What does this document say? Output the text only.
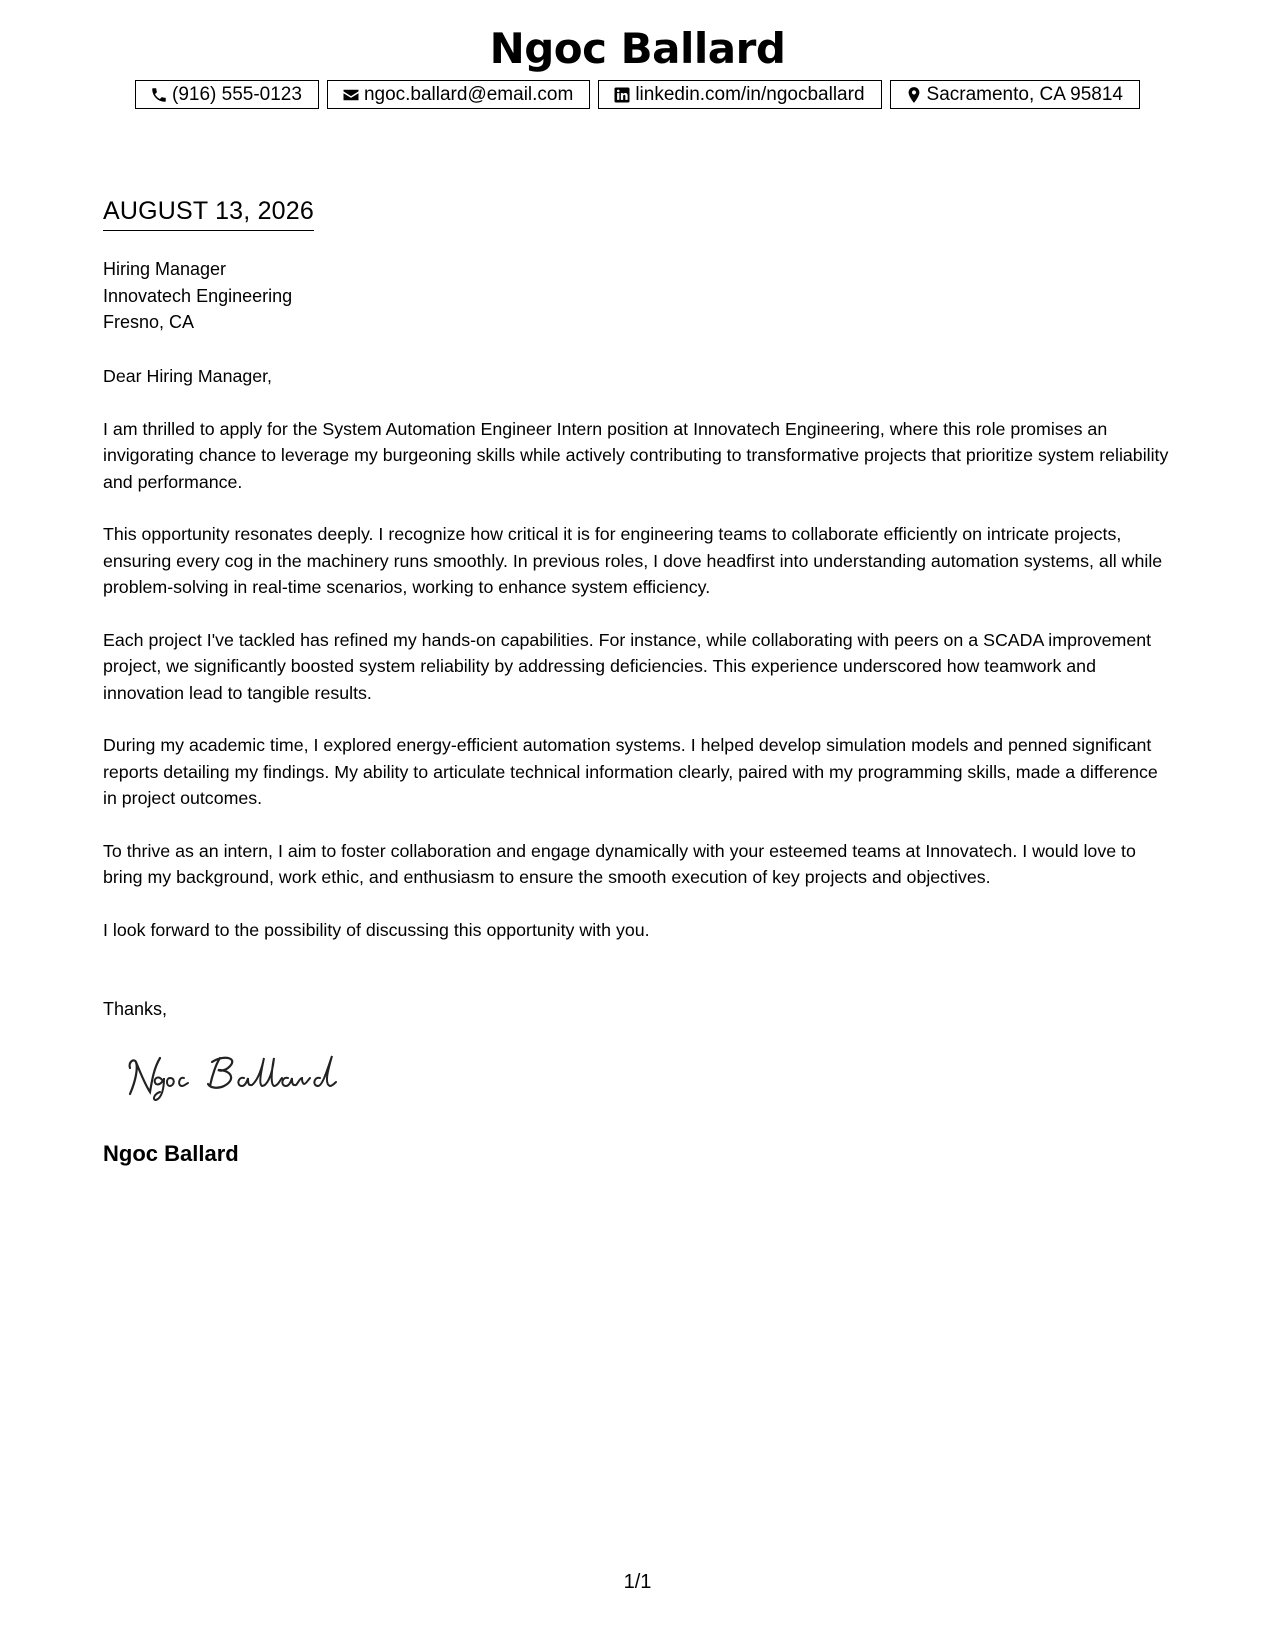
Ngoc Ballard
(916) 555-0123	ngoc.ballard@email.com	linkedin.com/in/ngocballard	Sacramento, CA 95814
AUGUST 13, 2026
Hiring Manager
Innovatech Engineering
Fresno, CA

Dear Hiring Manager,

I am thrilled to apply for the System Automation Engineer Intern position at Innovatech Engineering, where this role promises an invigorating chance to leverage my burgeoning skills while actively contributing to transformative projects that prioritize system reliability and performance.

This opportunity resonates deeply. I recognize how critical it is for engineering teams to collaborate efficiently on intricate projects, ensuring every cog in the machinery runs smoothly. In previous roles, I dove headfirst into understanding automation systems, all while problem-solving in real-time scenarios, working to enhance system efficiency.

Each project I've tackled has refined my hands-on capabilities. For instance, while collaborating with peers on a SCADA improvement project, we significantly boosted system reliability by addressing deficiencies. This experience underscored how teamwork and innovation lead to tangible results.

During my academic time, I explored energy-efficient automation systems. I helped develop simulation models and penned significant reports detailing my findings. My ability to articulate technical information clearly, paired with my programming skills, made a difference in project outcomes.

To thrive as an intern, I aim to foster collaboration and engage dynamically with your esteemed teams at Innovatech. I would love to bring my background, work ethic, and enthusiasm to ensure the smooth execution of key projects and objectives.

I look forward to the possibility of discussing this opportunity with you.

Thanks,
Ngoc Ballard
1/1
